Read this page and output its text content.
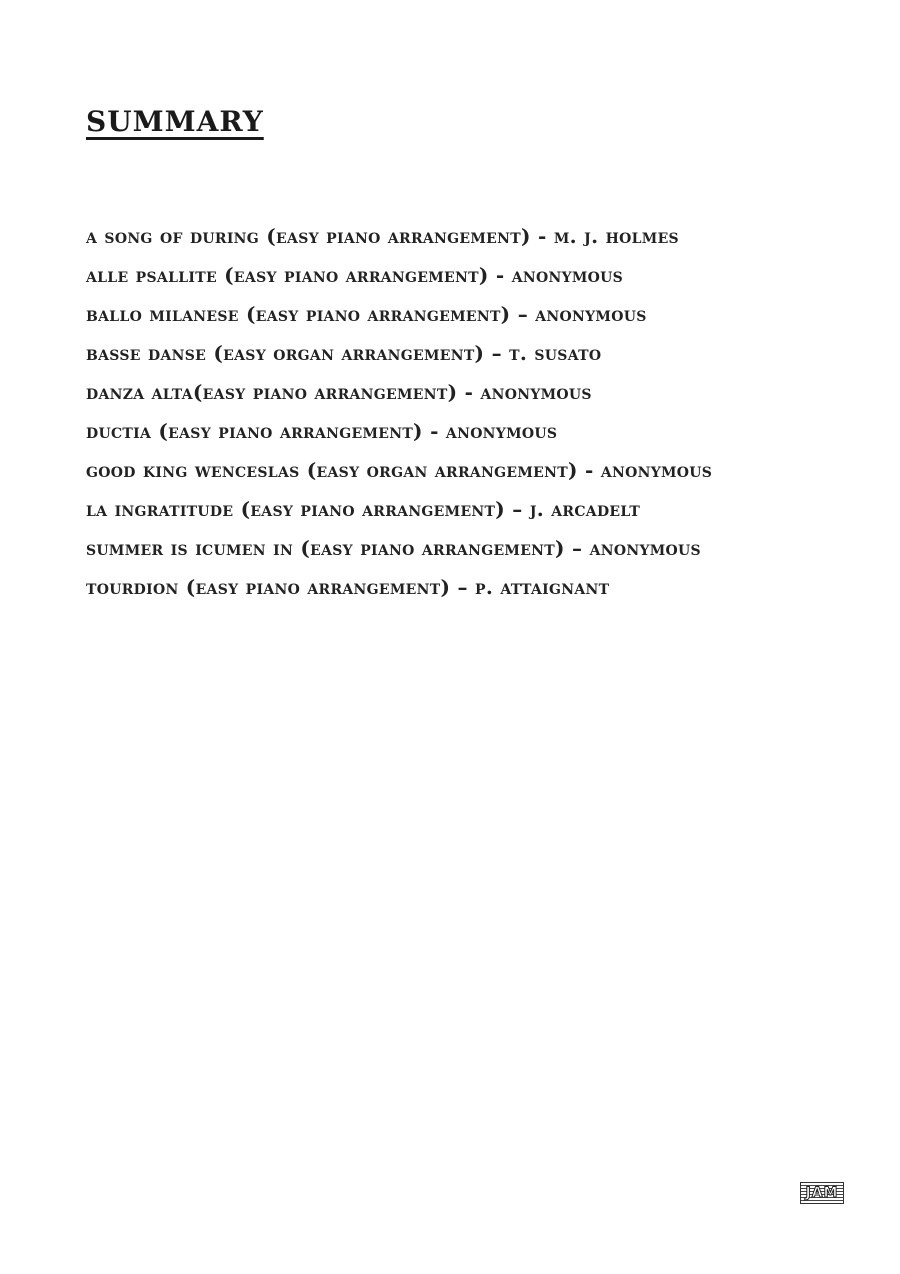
summary
a song of during (easy piano arrangement) - m. j. holmes
alle psallite (easy piano arrangement) - anonymous
ballo milanese (easy piano arrangement) – anonymous
basse danse (easy organ arrangement) – t. susato
danza alta(easy piano arrangement) - anonymous
ductia (easy piano arrangement) - anonymous
good king wenceslas (easy organ arrangement) - anonymous
la ingratitude (easy piano arrangement) – j. arcadelt
summer is icumen in (easy piano arrangement) – anonymous
tourdion (easy piano arrangement) – p. attaignant
JAM
